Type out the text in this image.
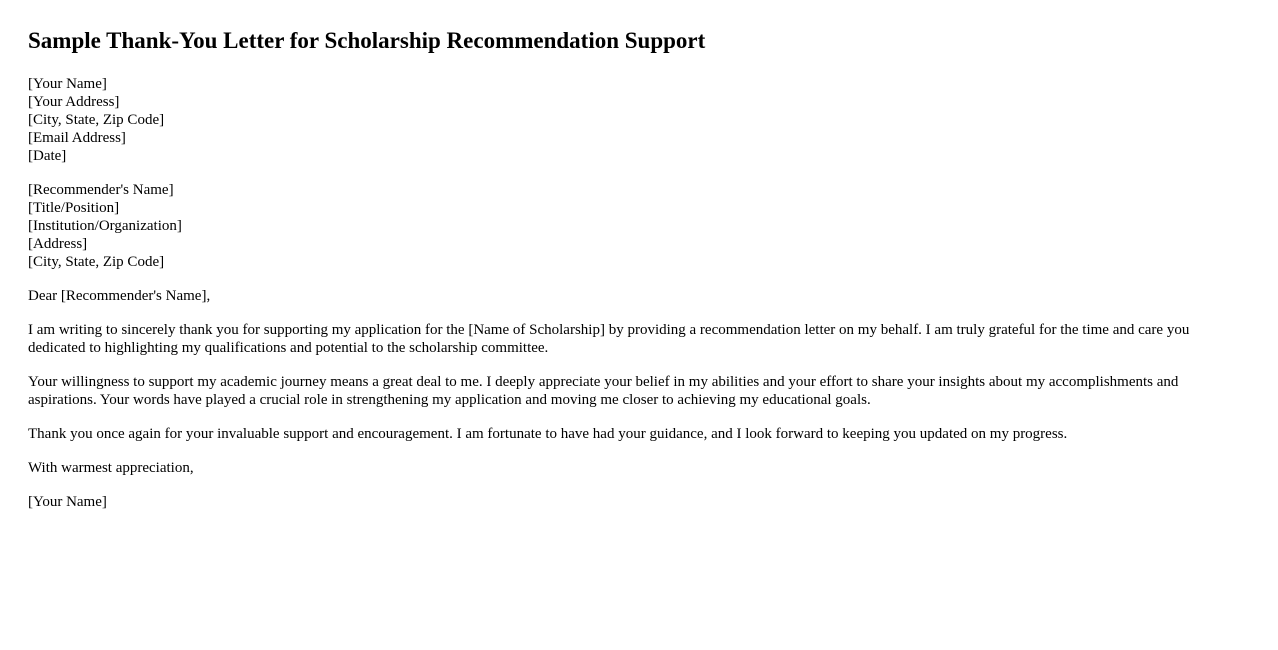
Sample Thank-You Letter for Scholarship Recommendation Support
[Your Name]
[Your Address]
[City, State, Zip Code]
[Email Address]
[Date]
[Recommender's Name]
[Title/Position]
[Institution/Organization]
[Address]
[City, State, Zip Code]

Dear [Recommender's Name],

I am writing to sincerely thank you for supporting my application for the [Name of Scholarship] by providing a recommendation letter on my behalf. I am truly grateful for the time and care you dedicated to highlighting my qualifications and potential to the scholarship committee.

Your willingness to support my academic journey means a great deal to me. I deeply appreciate your belief in my abilities and your effort to share your insights about my accomplishments and aspirations. Your words have played a crucial role in strengthening my application and moving me closer to achieving my educational goals.

Thank you once again for your invaluable support and encouragement. I am fortunate to have had your guidance, and I look forward to keeping you updated on my progress.

With warmest appreciation,

[Your Name]
